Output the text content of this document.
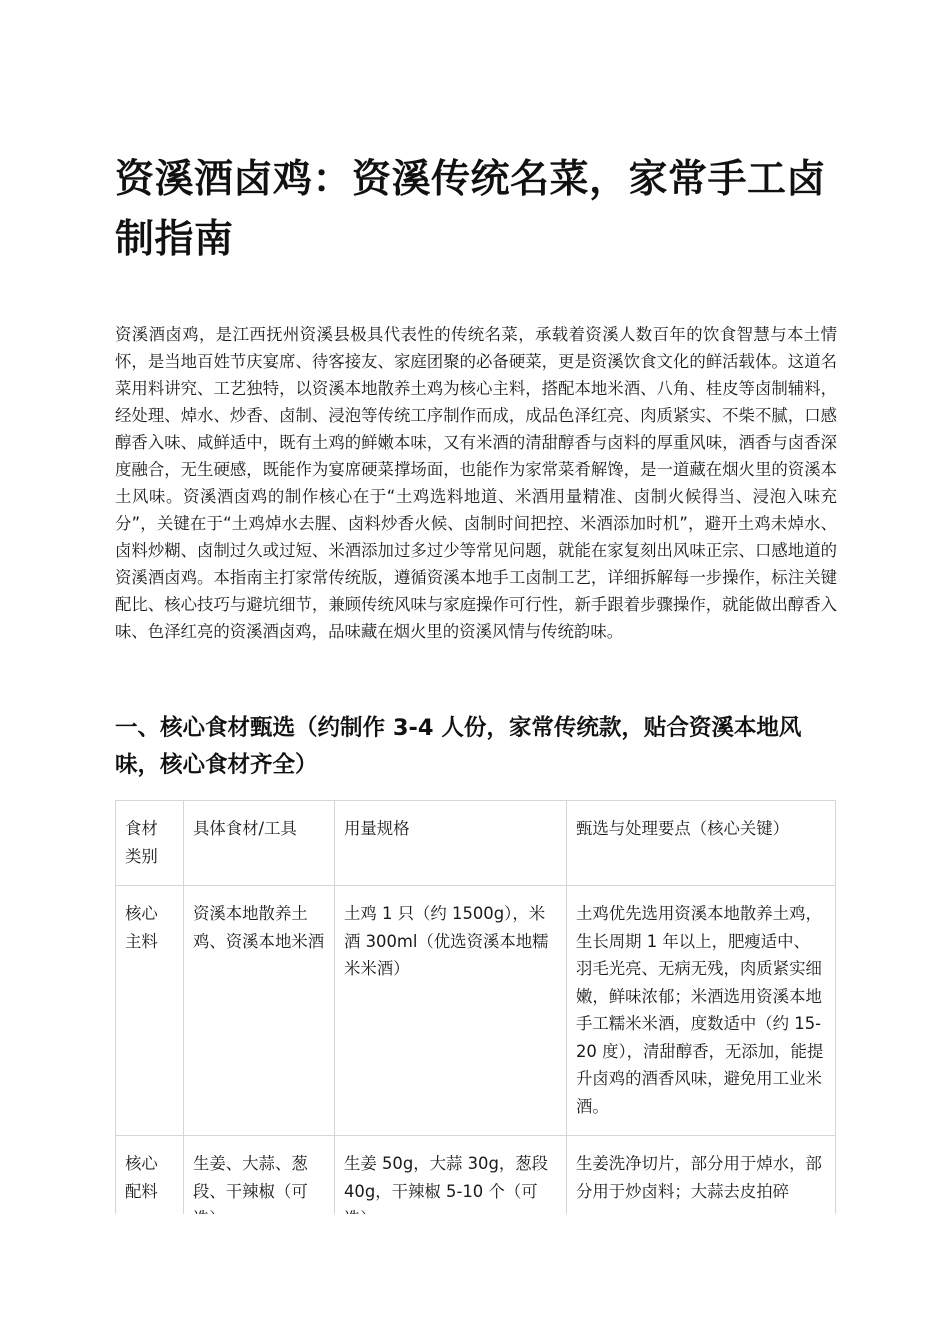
资溪酒卤鸡：资溪传统名菜，家常手工卤制指南

资溪酒卤鸡，是江西抚州资溪县极具代表性的传统名菜，承载着资溪人数百年的饮食智慧与本土情怀，是当地百姓节庆宴席、待客接友、家庭团聚的必备硬菜，更是资溪饮食文化的鲜活载体。这道名菜用料讲究、工艺独特，以资溪本地散养土鸡为核心主料，搭配本地米酒、八角、桂皮等卤制辅料，经处理、焯水、炒香、卤制、浸泡等传统工序制作而成，成品色泽红亮、肉质紧实、不柴不腻，口感醇香入味、咸鲜适中，既有土鸡的鲜嫩本味，又有米酒的清甜醇香与卤料的厚重风味，酒香与卤香深度融合，无生硬感，既能作为宴席硬菜撑场面，也能作为家常菜肴解馋，是一道藏在烟火里的资溪本土风味。资溪酒卤鸡的制作核心在于“土鸡选料地道、米酒用量精准、卤制火候得当、浸泡入味充分”，关键在于“土鸡焯水去腥、卤料炒香火候、卤制时间把控、米酒添加时机”，避开土鸡未焯水、卤料炒糊、卤制过久或过短、米酒添加过多过少等常见问题，就能在家复刻出风味正宗、口感地道的资溪酒卤鸡。本指南主打家常传统版，遵循资溪本地手工卤制工艺，详细拆解每一步操作，标注关键配比、核心技巧与避坑细节，兼顾传统风味与家庭操作可行性，新手跟着步骤操作，就能做出醇香入味、色泽红亮的资溪酒卤鸡，品味藏在烟火里的资溪风情与传统韵味。

一、核心食材甄选（约制作 3-4 人份，家常传统款，贴合资溪本地风味，核心食材齐全）
食材类别	具体食材/工具	用量规格	甄选与处理要点（核心关键）
核心主料	资溪本地散养土鸡、资溪本地米酒	土鸡 1 只（约 1500g），米酒 300ml（优选资溪本地糯米米酒）	土鸡优先选用资溪本地散养土鸡，生长周期 1 年以上，肥瘦适中、羽毛光亮、无病无残，肉质紧实细嫩，鲜味浓郁；米酒选用资溪本地手工糯米米酒，度数适中（约 15-20 度），清甜醇香，无添加，能提升卤鸡的酒香风味，避免用工业米酒。
核心配料	生姜、大蒜、葱段、干辣椒（可	生姜 50g，大蒜 30g，葱段 40g，干辣椒 5-10 个（可	生姜洗净切片，部分用于焯水，部分用于炒卤料；大蒜去皮拍碎
